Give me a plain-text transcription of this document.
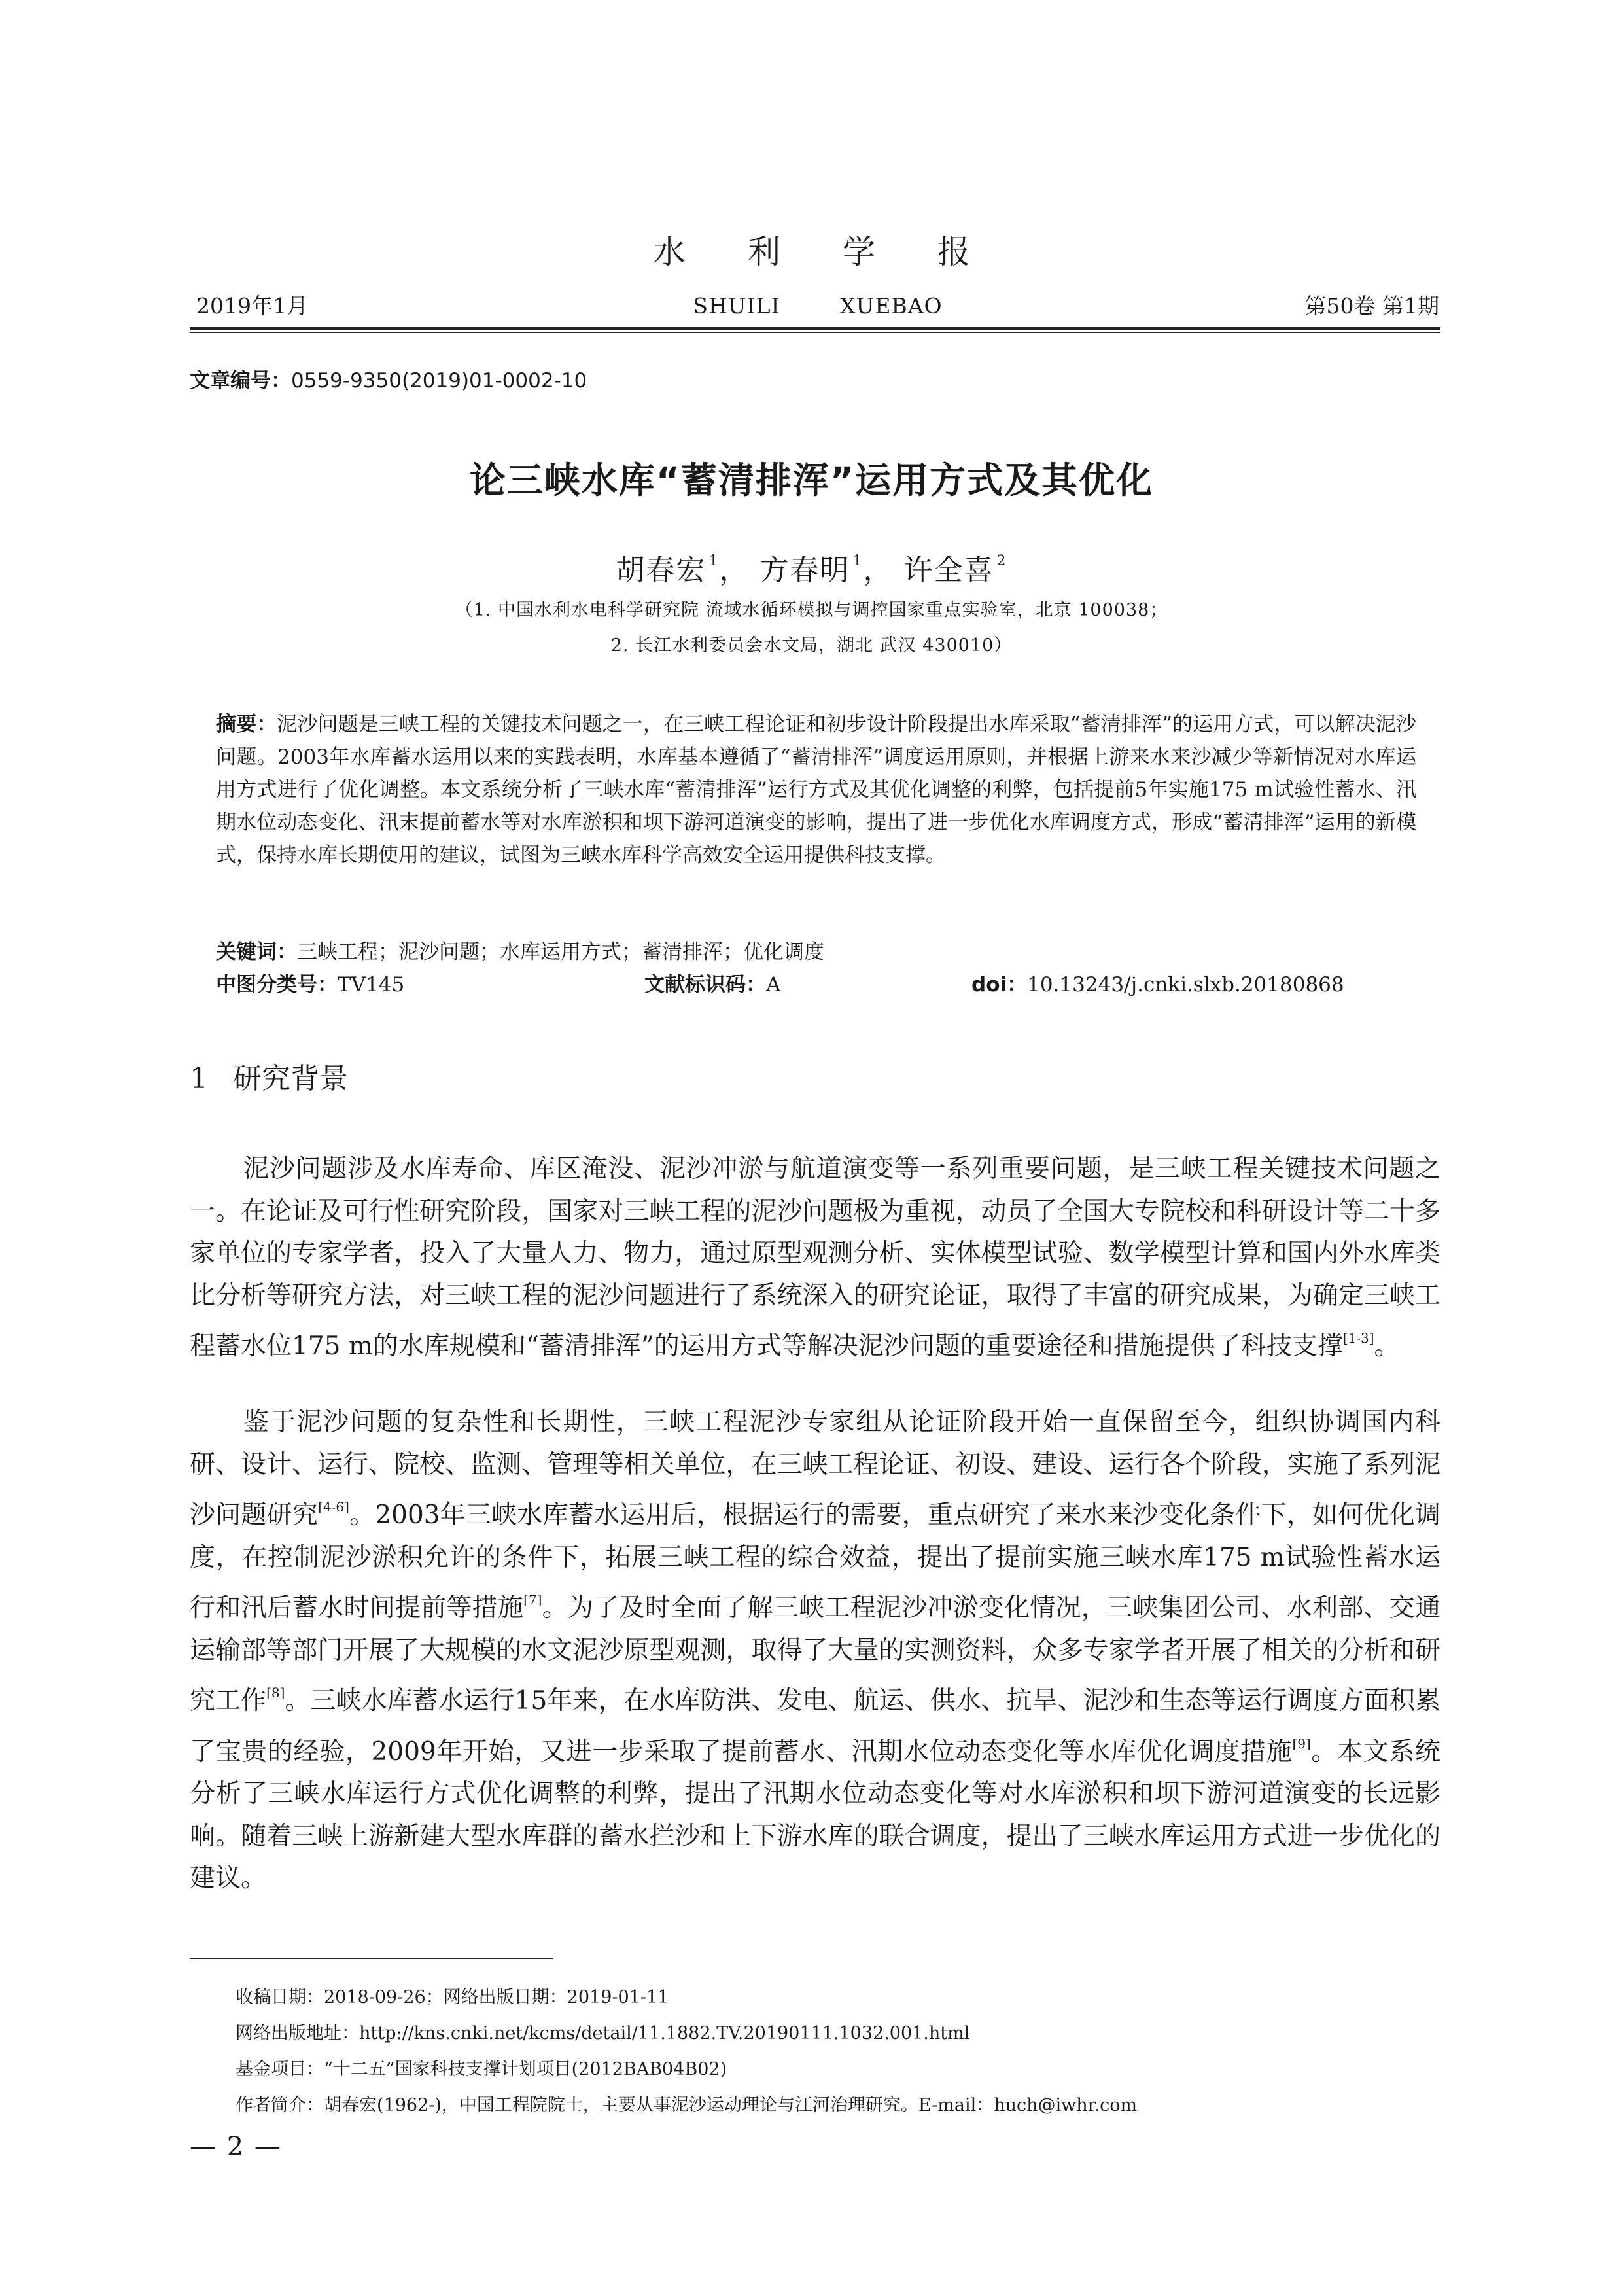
水利学报
2019年1月	SHUILI XUEBAO	第50卷 第1期
文章编号：0559-9350(2019)01-0002-10
论三峡水库“蓄清排浑”运用方式及其优化
胡春宏 $^1$， 方春明 $^1$， 许全喜 $^2$
（1. 中国水利水电科学研究院 流域水循环模拟与调控国家重点实验室，北京 100038；
2. 长江水利委员会水文局，湖北 武汉 430010）
摘要：泥沙问题是三峡工程的关键技术问题之一，在三峡工程论证和初步设计阶段提出水库采取“蓄清排浑”的运用方式，可以解决泥沙问题。2003年水库蓄水运用以来的实践表明，水库基本遵循了“蓄清排浑”调度运用原则，并根据上游来水来沙减少等新情况对水库运用方式进行了优化调整。本文系统分析了三峡水库“蓄清排浑”运行方式及其优化调整的利弊，包括提前5年实施175 m试验性蓄水、汛期水位动态变化、汛末提前蓄水等对水库淤积和坝下游河道演变的影响，提出了进一步优化水库调度方式，形成“蓄清排浑”运用的新模式，保持水库长期使用的建议，试图为三峡水库科学高效安全运用提供科技支撑。
关键词：三峡工程；泥沙问题；水库运用方式；蓄清排浑；优化调度
中图分类号：TV145	文献标识码：A	doi：10.13243/j.cnki.slxb.20180868
1 研究背景

泥沙问题涉及水库寿命、库区淹没、泥沙冲淤与航道演变等一系列重要问题，是三峡工程关键技术问题之一。在论证及可行性研究阶段，国家对三峡工程的泥沙问题极为重视，动员了全国大专院校和科研设计等二十多家单位的专家学者，投入了大量人力、物力，通过原型观测分析、实体模型试验、数学模型计算和国内外水库类比分析等研究方法，对三峡工程的泥沙问题进行了系统深入的研究论证，取得了丰富的研究成果，为确定三峡工程蓄水位175 m的水库规模和“蓄清排浑”的运用方式等解决泥沙问题的重要途径和措施提供了科技支撑[1-3]。

鉴于泥沙问题的复杂性和长期性，三峡工程泥沙专家组从论证阶段开始一直保留至今，组织协调国内科研、设计、运行、院校、监测、管理等相关单位，在三峡工程论证、初设、建设、运行各个阶段，实施了系列泥沙问题研究[4-6]。2003年三峡水库蓄水运用后，根据运行的需要，重点研究了来水来沙变化条件下，如何优化调度，在控制泥沙淤积允许的条件下，拓展三峡工程的综合效益，提出了提前实施三峡水库175 m试验性蓄水运行和汛后蓄水时间提前等措施[7]。为了及时全面了解三峡工程泥沙冲淤变化情况，三峡集团公司、水利部、交通运输部等部门开展了大规模的水文泥沙原型观测，取得了大量的实测资料，众多专家学者开展了相关的分析和研究工作[8]。三峡水库蓄水运行15年来，在水库防洪、发电、航运、供水、抗旱、泥沙和生态等运行调度方面积累了宝贵的经验，2009年开始，又进一步采取了提前蓄水、汛期水位动态变化等水库优化调度措施[9]。本文系统分析了三峡水库运行方式优化调整的利弊，提出了汛期水位动态变化等对水库淤积和坝下游河道演变的长远影响。随着三峡上游新建大型水库群的蓄水拦沙和上下游水库的联合调度，提出了三峡水库运用方式进一步优化的建议。

收稿日期：2018-09-26；网络出版日期：2019-01-11
网络出版地址：http://kns.cnki.net/kcms/detail/11.1882.TV.20190111.1032.001.html
基金项目：“十二五”国家科技支撑计划项目(2012BAB04B02)
作者简介：胡春宏(1962-)，中国工程院院士，主要从事泥沙运动理论与江河治理研究。E-mail：huch@iwhr.com
— 2 —
